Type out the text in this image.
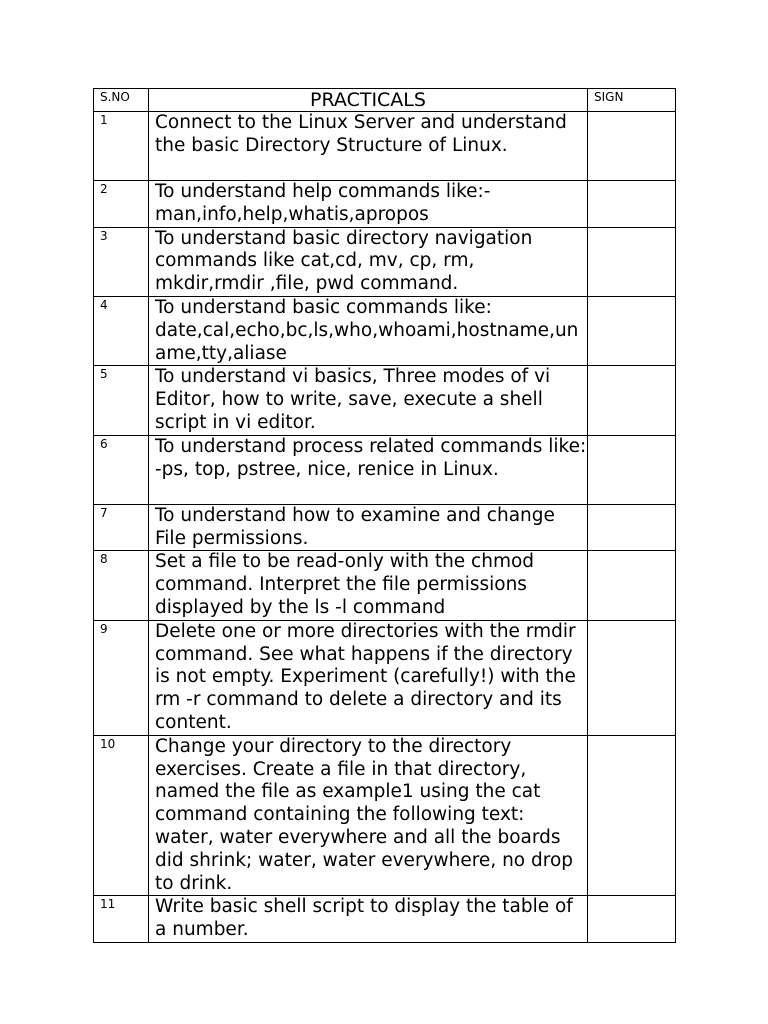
S.NO	PRACTICALS	SIGN

1	Connect to the Linux Server and understand the basic Directory Structure of Linux.	

2	To understand help commands like:- man,info,help,whatis,apropos	

3	To understand basic directory navigation commands like cat,cd, mv, cp, rm, mkdir,rmdir ,file, pwd command.	

4	To understand basic commands like: date,cal,echo,bc,ls,who,whoami,hostname,uname,tty,aliase	

5	To understand vi basics, Three modes of vi Editor, how to write, save, execute a shell script in vi editor.	

6	To understand process related commands like: -ps, top, pstree, nice, renice in Linux.	

7	To understand how to examine and change File permissions.	

8	Set a file to be read-only with the chmod command. Interpret the file permissions displayed by the ls -l command	

9	Delete one or more directories with the rmdir command. See what happens if the directory is not empty. Experiment (carefully!) with the rm -r command to delete a directory and its content.	

10	Change your directory to the directory exercises. Create a file in that directory, named the file as example1 using the cat command containing the following text: water, water everywhere and all the boards did shrink; water, water everywhere, no drop to drink.	

11	Write basic shell script to display the table of a number.	
